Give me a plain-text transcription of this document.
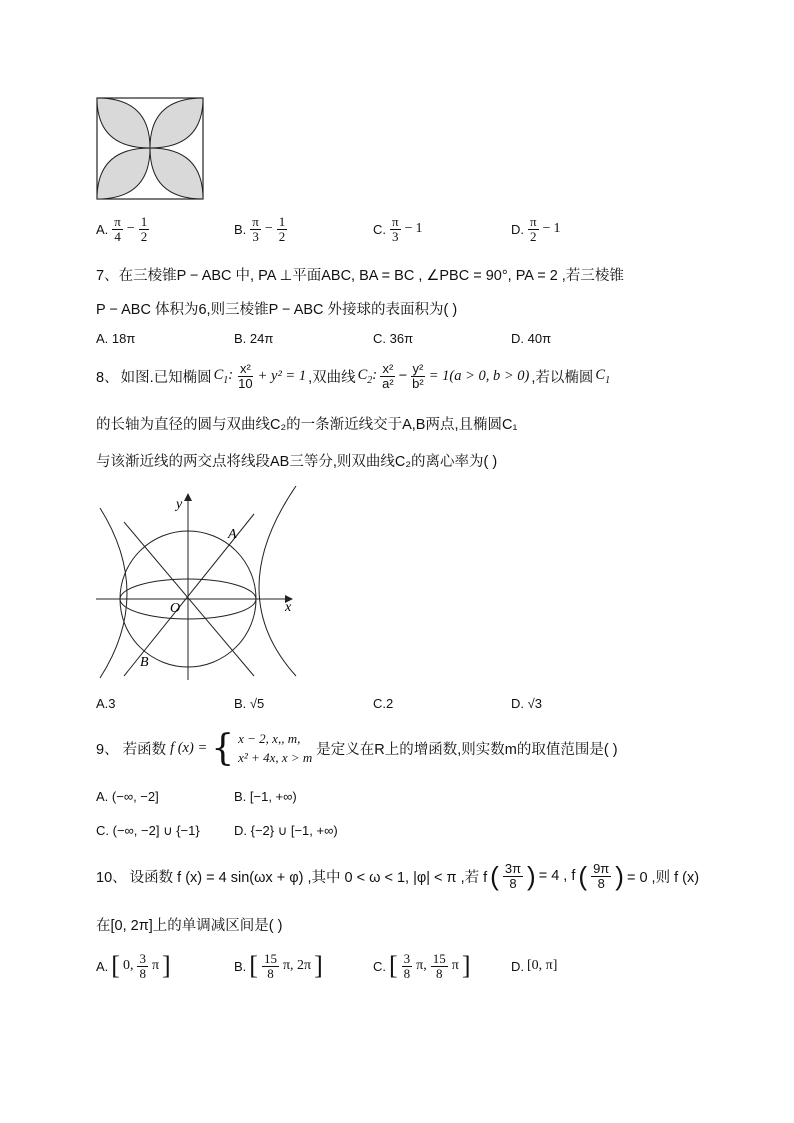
A. $\frac{\pi}{4} - \frac{1}{2}$	B. $\frac{\pi}{3} - \frac{1}{2}$	C. $\frac{\pi}{3} - 1$	D. $\frac{\pi}{2} - 1$
7、在三棱锥P − ABC 中, PA ⊥平面ABC, BA = BC , ∠PBC = 90°, PA = 2 ,若三棱锥
P − ABC 体积为6,则三棱锥P − ABC 外接球的表面积为( )
A. 18π	B. 24π	C. 36π	D. 40π
8、 如图.已知椭圆 $C_1$: $\frac{\text{x²}}{10} + y^2 = 1$ ,双曲线 $C_2$: $\frac{\text{x²}}{\text{a²}} - \frac{\text{y²}}{\text{b²}} = 1(a > 0$, b > 0) ,若以椭圆 $C_1$
的长轴为直径的圆与双曲线C₂的一条渐近线交于A,B两点,且椭圆C₁
与该渐近线的两交点将线段AB三等分,则双曲线C₂的离心率为( )
y
x
A
B
O
A.3	B. √5	C.2	D. √3
9、 若函数 f (x) = { x − 2, x,, m,
x² + 4x, x > m 是定义在R上的增函数,则实数m的取值范围是( )
A. (−∞, −2]	B. [−1, +∞)
C. (−∞, −2] ∪ {−1}	D. {−2} ∪ [−1, +∞)
10、 设函数 f (x) = 4 sin(ωx + φ) ,其中 0 < ω < 1, |φ| < π ,若 f ( $\frac{3\pi}{8}$ ) = 4 , f ( $\frac{9\pi}{8}$ ) = 0 ,则 f (x)
在[0, 2π]上的单调减区间是( )
A. [ 0, $\frac{3}{8}$ π ]	B. [ $\frac{15}{8} \pi$, 2π ]	C. [ $\frac{3}{8} \pi$, $\frac{15}{8}$ π ]	D. [0, π]
